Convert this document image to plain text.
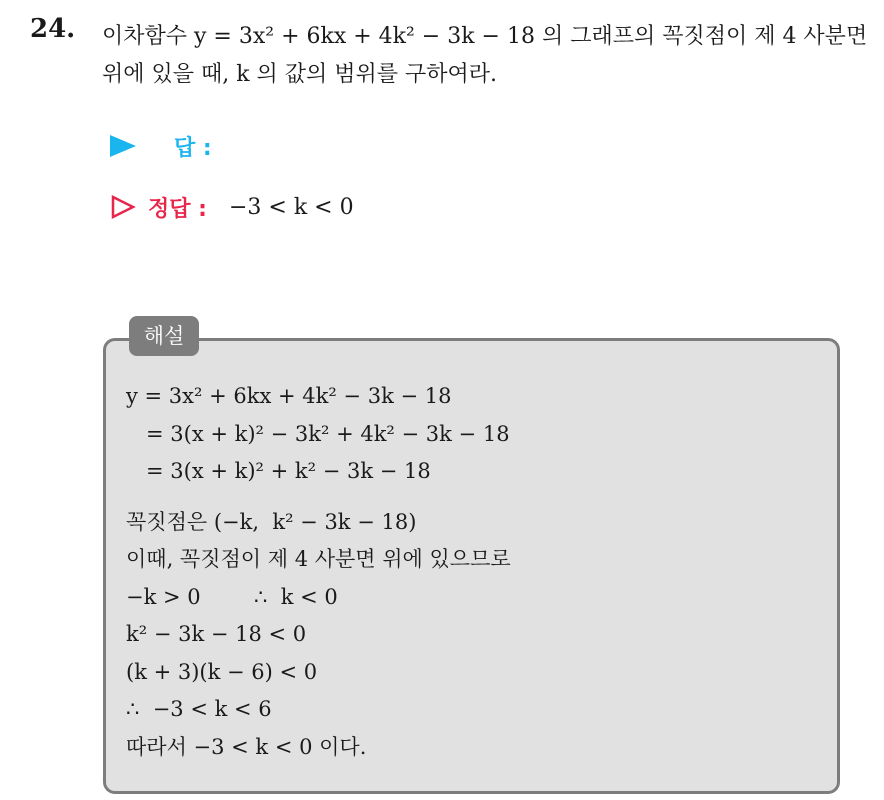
24. 이차함수 y = 3x² + 6kx + 4k² − 3k − 18 의 그래프의 꼭짓점이 제 4 사분면 위에 있을 때, k 의 값의 범위를 구하여라.
답 :
정답 : −3 < k < 0
해설
y = 3x² + 6kx + 4k² − 3k − 18
= 3(x + k)² − 3k² + 4k² − 3k − 18
= 3(x + k)² + k² − 3k − 18
꼭짓점은 (−k,  k² − 3k − 18)
이때, 꼭짓점이 제 4 사분면 위에 있으므로
−k > 0        ∴  k < 0
k² − 3k − 18 < 0
(k + 3)(k − 6) < 0
∴  −3 < k < 6
따라서 −3 < k < 0 이다.
